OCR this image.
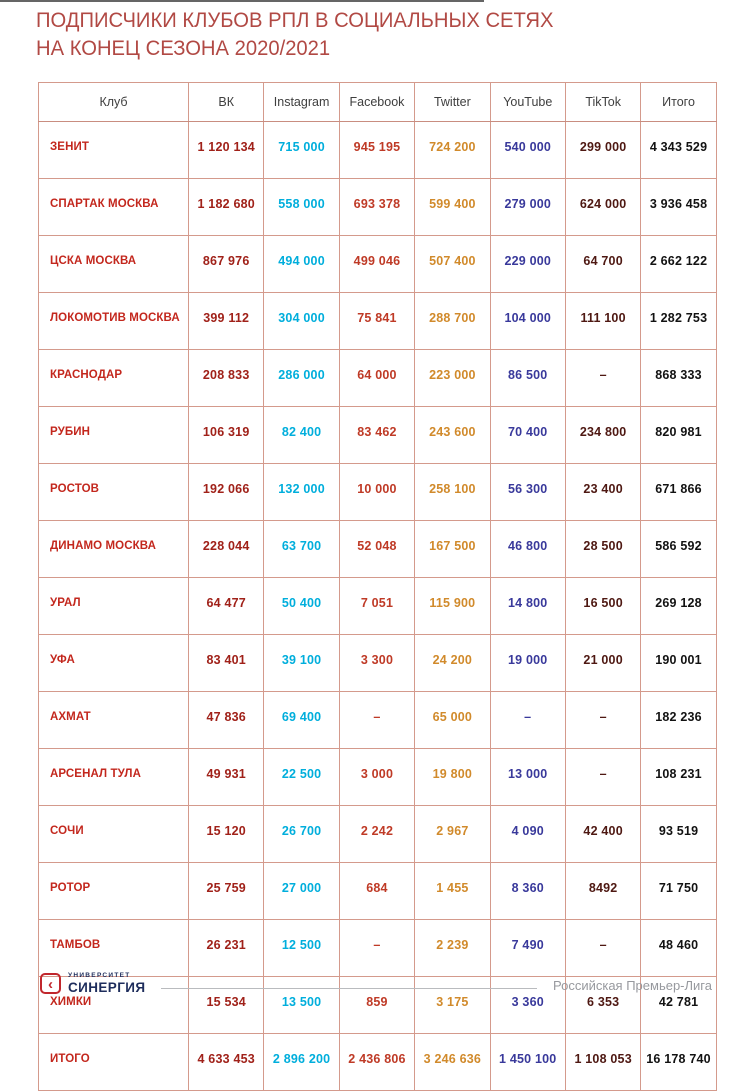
ПОДПИСЧИКИ КЛУБОВ РПЛ В СОЦИАЛЬНЫХ СЕТЯХ
НА КОНЕЦ СЕЗОНА 2020/2021
Клуб	ВК	Instagram	Facebook	Twitter	YouTube	TikTok	Итого
ЗЕНИТ	1 120 134	715 000	945 195	724 200	540 000	299 000	4 343 529
СПАРТАК МОСКВА	1 182 680	558 000	693 378	599 400	279 000	624 000	3 936 458
ЦСКА МОСКВА	867 976	494 000	499 046	507 400	229 000	64 700	2 662 122
ЛОКОМОТИВ МОСКВА	399 112	304 000	75 841	288 700	104 000	111 100	1 282 753
КРАСНОДАР	208 833	286 000	64 000	223 000	86 500	–	868 333
РУБИН	106 319	82 400	83 462	243 600	70 400	234 800	820 981
РОСТОВ	192 066	132 000	10 000	258 100	56 300	23 400	671 866
ДИНАМО МОСКВА	228 044	63 700	52 048	167 500	46 800	28 500	586 592
УРАЛ	64 477	50 400	7 051	115 900	14 800	16 500	269 128
УФА	83 401	39 100	3 300	24 200	19 000	21 000	190 001
АХМАТ	47 836	69 400	–	65 000	–	–	182 236
АРСЕНАЛ ТУЛА	49 931	22 500	3 000	19 800	13 000	–	108 231
СОЧИ	15 120	26 700	2 242	2 967	4 090	42 400	93 519
РОТОР	25 759	27 000	684	1 455	8 360	8492	71 750
ТАМБОВ	26 231	12 500	–	2 239	7 490	–	48 460
ХИМКИ	15 534	13 500	859	3 175	3 360	6 353	42 781
ИТОГО	4 633 453	2 896 200	2 436 806	3 246 636	1 450 100	1 108 053	16 178 740
‹
УНИВЕРСИТЕТ
СИНЕРГИЯ	Российская Премьер-Лига
